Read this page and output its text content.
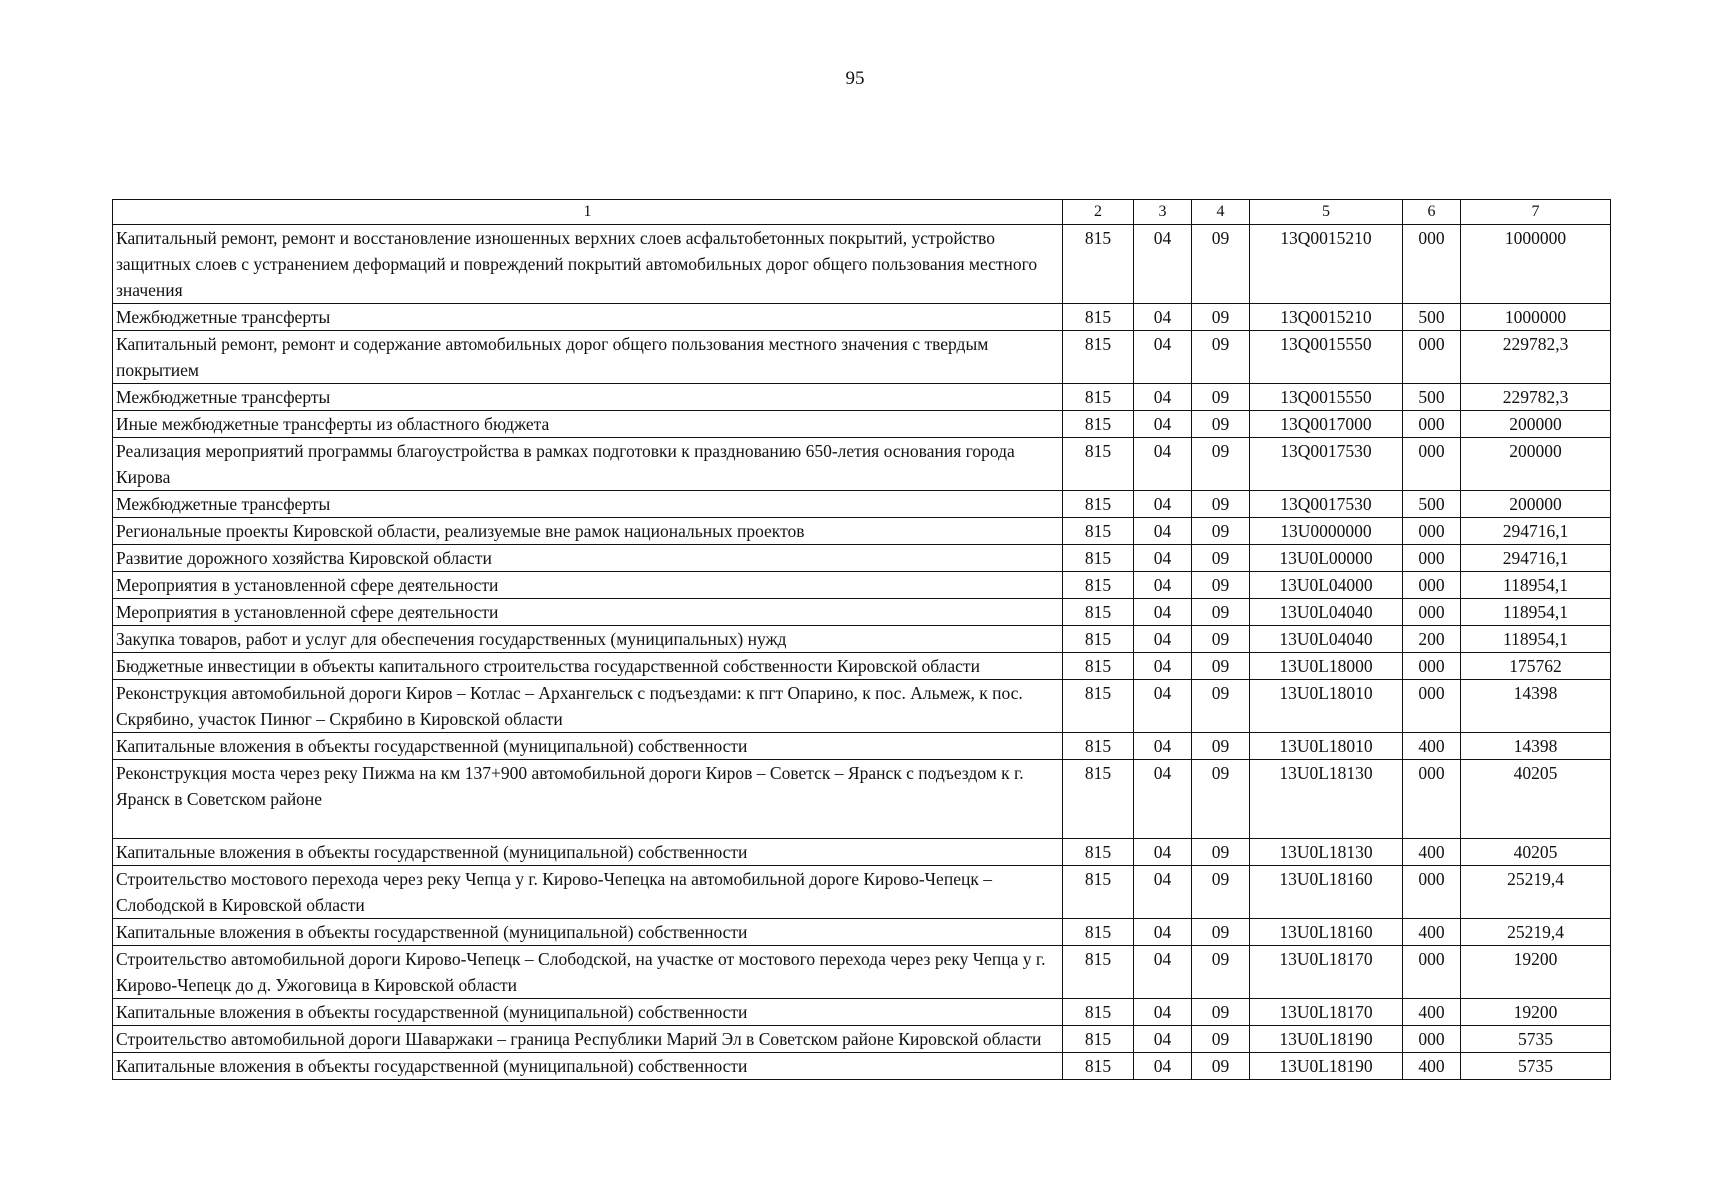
95
1	2	3	4	5	6	7
Капитальный ремонт, ремонт и восстановление изношенных верхних слоев асфальтобетонных покрытий, устройство защитных слоев с устранением деформаций и повреждений покрытий автомобильных дорог общего пользования местного значения	815	04	09	13Q0015210	000	1000000
Межбюджетные трансферты	815	04	09	13Q0015210	500	1000000
Капитальный ремонт, ремонт и содержание автомобильных дорог общего пользования местного значения с твердым покрытием	815	04	09	13Q0015550	000	229782,3
Межбюджетные трансферты	815	04	09	13Q0015550	500	229782,3
Иные межбюджетные трансферты из областного бюджета	815	04	09	13Q0017000	000	200000
Реализация мероприятий программы благоустройства в рамках подготовки к празднованию 650-летия основания города Кирова	815	04	09	13Q0017530	000	200000
Межбюджетные трансферты	815	04	09	13Q0017530	500	200000
Региональные проекты Кировской области, реализуемые вне рамок национальных проектов	815	04	09	13U0000000	000	294716,1
Развитие дорожного хозяйства Кировской области	815	04	09	13U0L00000	000	294716,1
Мероприятия в установленной сфере деятельности	815	04	09	13U0L04000	000	118954,1
Мероприятия в установленной сфере деятельности	815	04	09	13U0L04040	000	118954,1
Закупка товаров, работ и услуг для обеспечения государственных (муниципальных) нужд	815	04	09	13U0L04040	200	118954,1
Бюджетные инвестиции в объекты капитального строительства государственной собственности Кировской области	815	04	09	13U0L18000	000	175762
Реконструкция автомобильной дороги Киров – Котлас – Архангельск с подъездами: к пгт Опарино, к пос. Альмеж, к пос. Скрябино, участок Пинюг – Скрябино в Кировской области	815	04	09	13U0L18010	000	14398
Капитальные вложения в объекты государственной (муниципальной) собственности	815	04	09	13U0L18010	400	14398
Реконструкция моста через реку Пижма на км 137+900 автомобильной дороги Киров – Советск – Яранск с подъездом к г. Яранск в Советском районе	815	04	09	13U0L18130	000	40205
Капитальные вложения в объекты государственной (муниципальной) собственности	815	04	09	13U0L18130	400	40205
Строительство мостового перехода через реку Чепца у г. Кирово-Чепецка на автомобильной дороге Кирово-Чепецк – Слободской в Кировской области	815	04	09	13U0L18160	000	25219,4
Капитальные вложения в объекты государственной (муниципальной) собственности	815	04	09	13U0L18160	400	25219,4
Строительство автомобильной дороги Кирово-Чепецк – Слободской, на участке от мостового перехода через реку Чепца у г. Кирово-Чепецк до д. Ужоговица в Кировской области	815	04	09	13U0L18170	000	19200
Капитальные вложения в объекты государственной (муниципальной) собственности	815	04	09	13U0L18170	400	19200
Строительство автомобильной дороги Шаваржаки – граница Республики Марий Эл в Советском районе Кировской области	815	04	09	13U0L18190	000	5735
Капитальные вложения в объекты государственной (муниципальной) собственности	815	04	09	13U0L18190	400	5735
